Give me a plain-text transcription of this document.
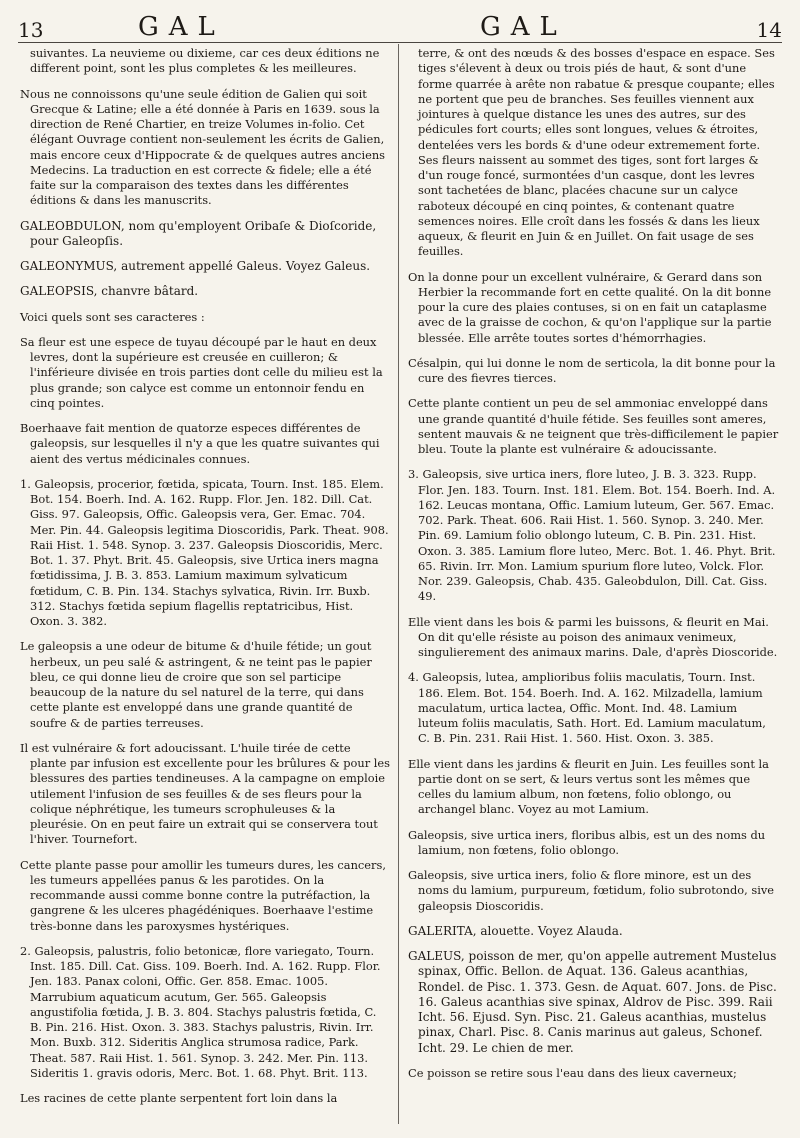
13	GAL	GAL	14

suivantes. La neuvieme ou dixieme, car ces deux éditions ne different point, sont les plus completes & les meilleures.

Nous ne connoissons qu'une seule édition de Galien qui soit Grecque & Latine; elle a été donnée à Paris en 1639. sous la direction de René Chartier, en treize Volumes in-folio. Cet élégant Ouvrage contient non-seulement les écrits de Galien, mais encore ceux d'Hippocrate & de quelques autres anciens Medecins. La traduction en est correcte & fidele; elle a été faite sur la comparaison des textes dans les différentes éditions & dans les manuscrits.

GALEOBDULON, nom qu'employent Oribaſe & Dioſcoride, pour Galeopſis.

GALEONYMUS, autrement appellé Galeus. Voyez Galeus.

GALEOPSIS, chanvre bâtard.

Voici quels sont ses caracteres :

Sa fleur est une espece de tuyau découpé par le haut en deux levres, dont la supérieure est creusée en cuilleron; & l'inférieure divisée en trois parties dont celle du milieu est la plus grande; son calyce est comme un entonnoir fendu en cinq pointes.

Boerhaave fait mention de quatorze especes différentes de galeopsis, sur lesquelles il n'y a que les quatre suivantes qui aient des vertus médicinales connues.

1. Galeopsis, procerior, fœtida, spicata, Tourn. Inst. 185. Elem. Bot. 154. Boerh. Ind. A. 162. Rupp. Flor. Jen. 182. Dill. Cat. Giss. 97. Galeopsis, Offic. Galeopsis vera, Ger. Emac. 704. Mer. Pin. 44. Galeopsis legitima Dioscoridis, Park. Theat. 908. Raii Hist. 1. 548. Synop. 3. 237. Galeopsis Dioscoridis, Merc. Bot. 1. 37. Phyt. Brit. 45. Galeopsis, sive Urtica iners magna fœtidissima, J. B. 3. 853. Lamium maximum sylvaticum fœtidum, C. B. Pin. 134. Stachys sylvatica, Rivin. Irr. Buxb. 312. Stachys fœtida sepium flagellis reptatricibus, Hist. Oxon. 3. 382.

Le galeopsis a une odeur de bitume & d'huile fétide; un gout herbeux, un peu salé & astringent, & ne teint pas le papier bleu, ce qui donne lieu de croire que son sel participe beaucoup de la nature du sel naturel de la terre, qui dans cette plante est enveloppé dans une grande quantité de soufre & de parties terreuses.

Il est vulnéraire & fort adoucissant. L'huile tirée de cette plante par infusion est excellente pour les brûlures & pour les blessures des parties tendineuses. A la campagne on emploie utilement l'infusion de ses feuilles & de ses fleurs pour la colique néphrétique, les tumeurs scrophuleuses & la pleurésie. On en peut faire un extrait qui se conservera tout l'hiver. Tournefort.

Cette plante passe pour amollir les tumeurs dures, les cancers, les tumeurs appellées panus & les parotides. On la recommande aussi comme bonne contre la putréfaction, la gangrene & les ulceres phagédéniques. Boerhaave l'estime très-bonne dans les paroxysmes hystériques.

2. Galeopsis, palustris, folio betonicæ, flore variegato, Tourn. Inst. 185. Dill. Cat. Giss. 109. Boerh. Ind. A. 162. Rupp. Flor. Jen. 183. Panax coloni, Offic. Ger. 858. Emac. 1005. Marrubium aquaticum acutum, Ger. 565. Galeopsis angustifolia fœtida, J. B. 3. 804. Stachys palustris fœtida, C. B. Pin. 216. Hist. Oxon. 3. 383. Stachys palustris, Rivin. Irr. Mon. Buxb. 312. Sideritis Anglica strumosa radice, Park. Theat. 587. Raii Hist. 1. 561. Synop. 3. 242. Mer. Pin. 113. Sideritis 1. gravis odoris, Merc. Bot. 1. 68. Phyt. Brit. 113.

Les racines de cette plante serpentent fort loin dans la

terre, & ont des nœuds & des bosses d'espace en espace. Ses tiges s'élevent à deux ou trois piés de haut, & sont d'une forme quarrée à arête non rabatue & presque coupante; elles ne portent que peu de branches. Ses feuilles viennent aux jointures à quelque distance les unes des autres, sur des pédicules fort courts; elles sont longues, velues & étroites, dentelées vers les bords & d'une odeur extremement forte. Ses fleurs naissent au sommet des tiges, sont fort larges & d'un rouge foncé, surmontées d'un casque, dont les levres sont tachetées de blanc, placées chacune sur un calyce raboteux découpé en cinq pointes, & contenant quatre semences noires. Elle croît dans les fossés & dans les lieux aqueux, & fleurit en Juin & en Juillet. On fait usage de ses feuilles.

On la donne pour un excellent vulnéraire, & Gerard dans son Herbier la recommande fort en cette qualité. On la dit bonne pour la cure des plaies contuses, si on en fait un cataplasme avec de la graisse de cochon, & qu'on l'applique sur la partie blessée. Elle arrête toutes sortes d'hémorrhagies.

Césalpin, qui lui donne le nom de serticola, la dit bonne pour la cure des fievres tierces.

Cette plante contient un peu de sel ammoniac enveloppé dans une grande quantité d'huile fétide. Ses feuilles sont ameres, sentent mauvais & ne teignent que très-difficilement le papier bleu. Toute la plante est vulnéraire & adoucissante.

3. Galeopsis, sive urtica iners, flore luteo, J. B. 3. 323. Rupp. Flor. Jen. 183. Tourn. Inst. 181. Elem. Bot. 154. Boerh. Ind. A. 162. Leucas montana, Offic. Lamium luteum, Ger. 567. Emac. 702. Park. Theat. 606. Raii Hist. 1. 560. Synop. 3. 240. Mer. Pin. 69. Lamium folio oblongo luteum, C. B. Pin. 231. Hist. Oxon. 3. 385. Lamium flore luteo, Merc. Bot. 1. 46. Phyt. Brit. 65. Rivin. Irr. Mon. Lamium spurium flore luteo, Volck. Flor. Nor. 239. Galeopsis, Chab. 435. Galeobdulon, Dill. Cat. Giss. 49.

Elle vient dans les bois & parmi les buissons, & fleurit en Mai. On dit qu'elle résiste au poison des animaux venimeux, singulierement des animaux marins. Dale, d'après Dioscoride.

4. Galeopsis, lutea, amplioribus foliis maculatis, Tourn. Inst. 186. Elem. Bot. 154. Boerh. Ind. A. 162. Milzadella, lamium maculatum, urtica lactea, Offic. Mont. Ind. 48. Lamium luteum foliis maculatis, Sath. Hort. Ed. Lamium maculatum, C. B. Pin. 231. Raii Hist. 1. 560. Hist. Oxon. 3. 385.

Elle vient dans les jardins & fleurit en Juin. Les feuilles sont la partie dont on se sert, & leurs vertus sont les mêmes que celles du lamium album, non fœtens, folio oblongo, ou archangel blanc. Voyez au mot Lamium.

Galeopsis, sive urtica iners, floribus albis, est un des noms du lamium, non fœtens, folio oblongo.

Galeopsis, sive urtica iners, folio & flore minore, est un des noms du lamium, purpureum, fœtidum, folio subrotondo, sive galeopsis Dioscoridis.

GALERITA, alouette. Voyez Alauda.

GALEUS, poisson de mer, qu'on appelle autrement Mustelus spinax, Offic. Bellon. de Aquat. 136. Galeus acanthias, Rondel. de Pisc. 1. 373. Gesn. de Aquat. 607. Jons. de Pisc. 16. Galeus acanthias sive spinax, Aldrov de Pisc. 399. Raii Icht. 56. Ejusd. Syn. Pisc. 21. Galeus acanthias, mustelus pinax, Charl. Pisc. 8. Canis marinus aut galeus, Schonef. Icht. 29. Le chien de mer.

Ce poisson se retire sous l'eau dans des lieux caverneux;
